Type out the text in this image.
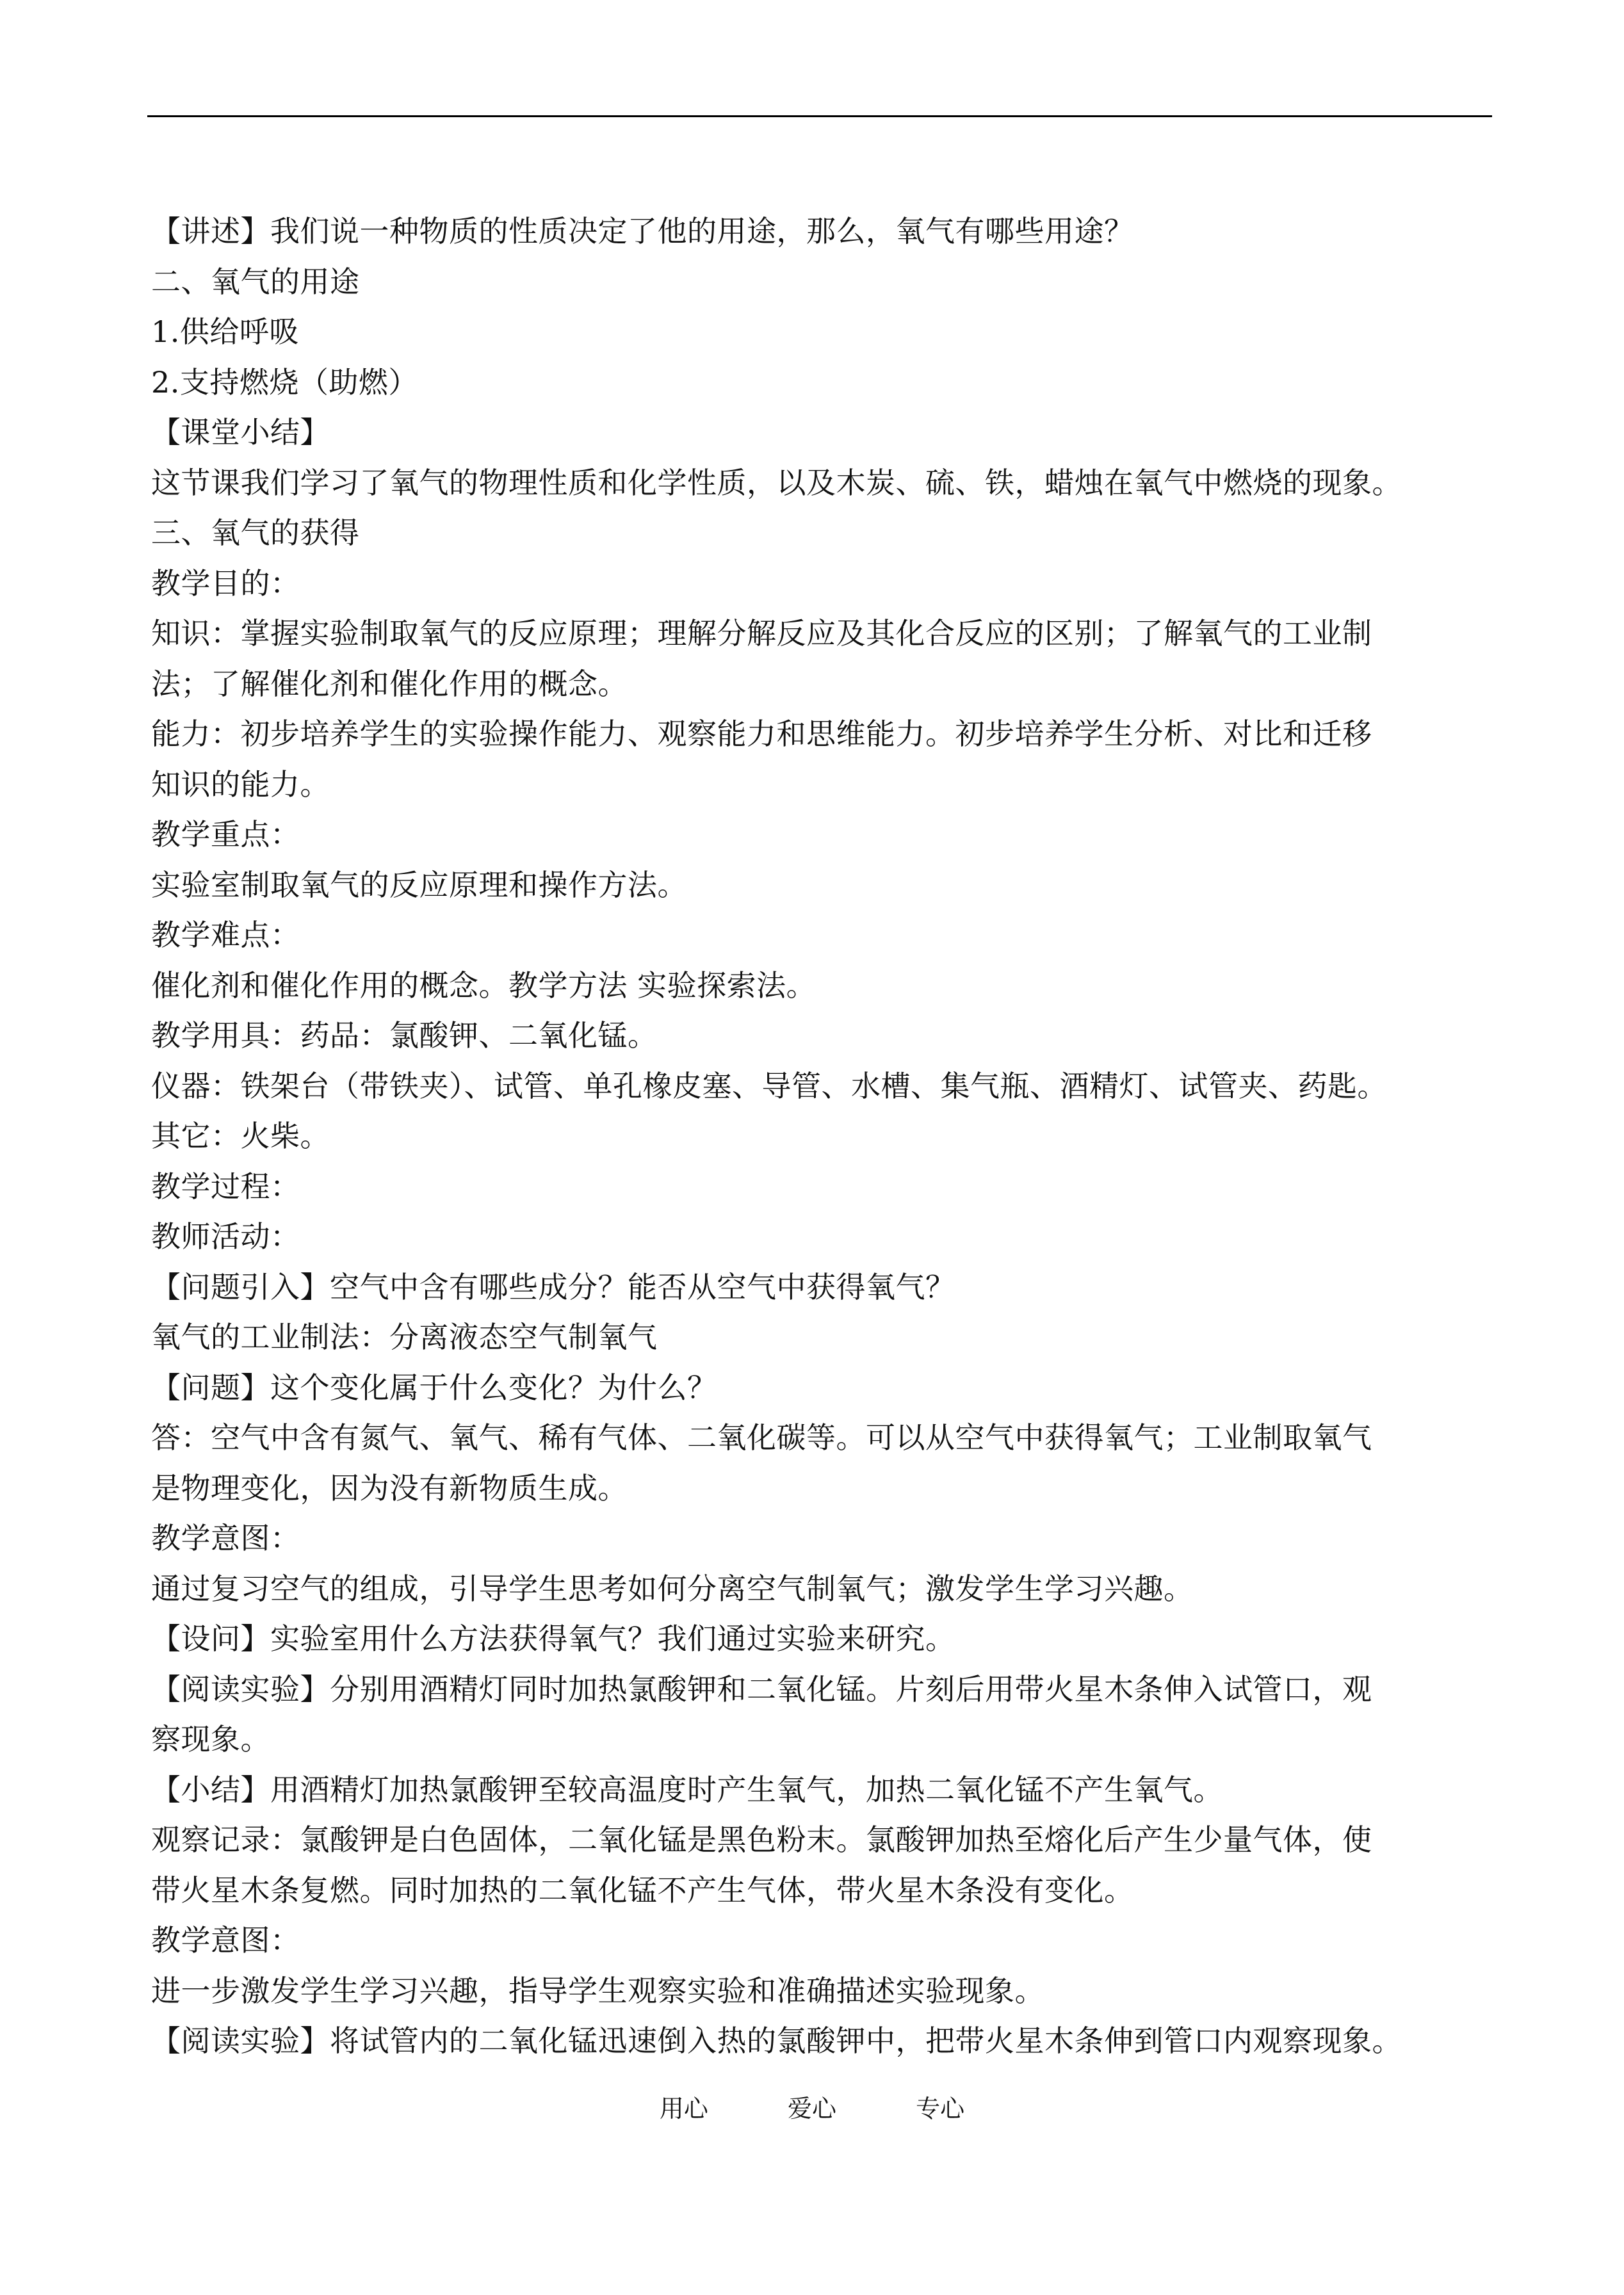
【讲述】我们说一种物质的性质决定了他的用途，那么，氧气有哪些用途？
二、氧气的用途
1.供给呼吸
2.支持燃烧（助燃）
【课堂小结】
这节课我们学习了氧气的物理性质和化学性质，以及木炭、硫、铁，蜡烛在氧气中燃烧的现象。
三、氧气的获得
教学目的：
知识：掌握实验制取氧气的反应原理；理解分解反应及其化合反应的区别；了解氧气的工业制
法；了解催化剂和催化作用的概念。
能力：初步培养学生的实验操作能力、观察能力和思维能力。初步培养学生分析、对比和迁移
知识的能力。
教学重点：
实验室制取氧气的反应原理和操作方法。
教学难点：
催化剂和催化作用的概念。教学方法 实验探索法。
教学用具：药品：氯酸钾、二氧化锰。
仪器：铁架台（带铁夹）、试管、单孔橡皮塞、导管、水槽、集气瓶、酒精灯、试管夹、药匙。
其它：火柴。
教学过程：
教师活动：
【问题引入】空气中含有哪些成分？能否从空气中获得氧气？
氧气的工业制法：分离液态空气制氧气
【问题】这个变化属于什么变化？为什么？
答：空气中含有氮气、氧气、稀有气体、二氧化碳等。可以从空气中获得氧气；工业制取氧气
是物理变化，因为没有新物质生成。
教学意图：
通过复习空气的组成，引导学生思考如何分离空气制氧气；激发学生学习兴趣。
【设问】实验室用什么方法获得氧气？我们通过实验来研究。
【阅读实验】分别用酒精灯同时加热氯酸钾和二氧化锰。片刻后用带火星木条伸入试管口，观
察现象。
【小结】用酒精灯加热氯酸钾至较高温度时产生氧气，加热二氧化锰不产生氧气。
观察记录：氯酸钾是白色固体，二氧化锰是黑色粉末。氯酸钾加热至熔化后产生少量气体，使
带火星木条复燃。同时加热的二氧化锰不产生气体，带火星木条没有变化。
教学意图：
进一步激发学生学习兴趣，指导学生观察实验和准确描述实验现象。
【阅读实验】将试管内的二氧化锰迅速倒入热的氯酸钾中，把带火星木条伸到管口内观察现象。
用心	爱心	专心
